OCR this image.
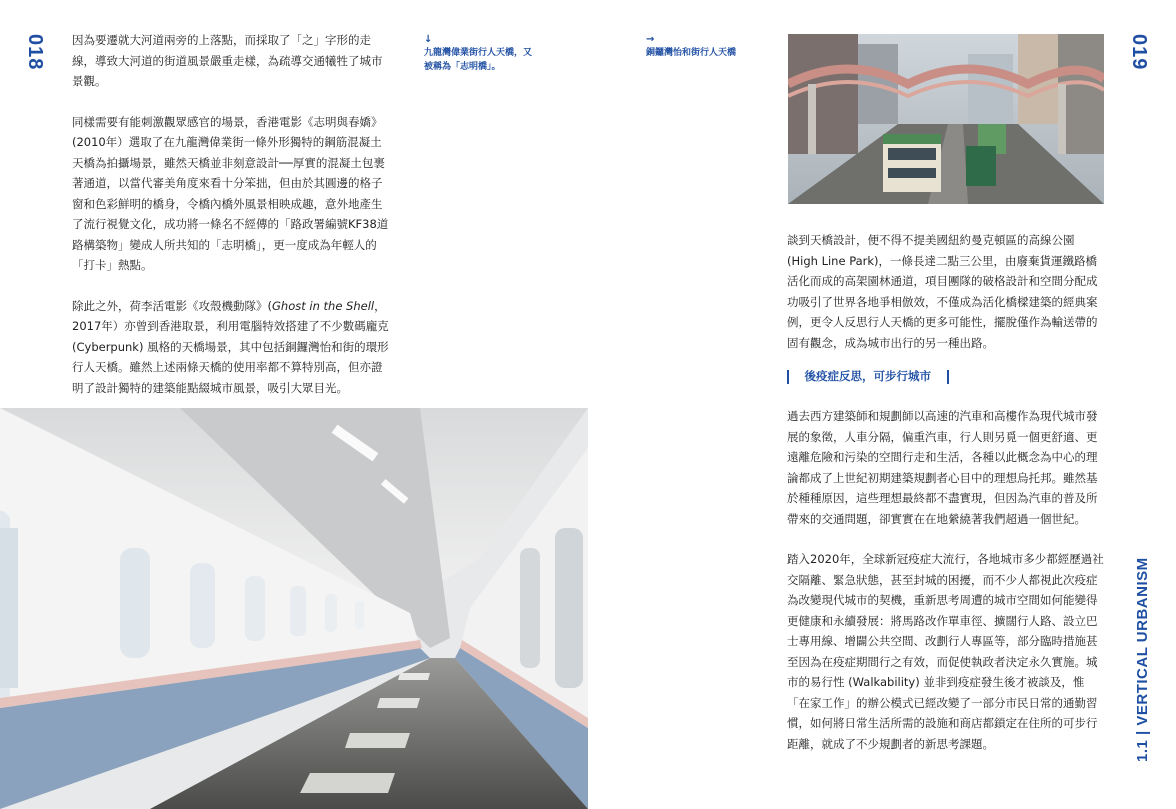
018	019

因為要遷就大河道兩旁的上落點，而採取了「之」字形的走線，導致大河道的街道風景嚴重走樣，為疏導交通犧牲了城市景觀。

同樣需要有能刺激觀眾感官的場景，香港電影《志明與春嬌》(2010年）選取了在九龍灣偉業街一條外形獨特的鋼筋混凝土天橋為拍攝場景，雖然天橋並非刻意設計──厚實的混凝土包裹著通道，以當代審美角度來看十分笨拙，但由於其圓邊的格子窗和色彩鮮明的橋身，令橋內橋外風景相映成趣，意外地產生了流行視覺文化，成功將一條名不經傳的「路政署編號KF38道路構築物」變成人所共知的「志明橋」，更一度成為年輕人的「打卡」熱點。

除此之外，荷李活電影《攻殼機動隊》(Ghost in the Shell，2017年）亦曾到香港取景，利用電腦特效搭建了不少數碼龐克 (Cyberpunk) 風格的天橋場景，其中包括銅鑼灣怡和街的環形行人天橋。雖然上述兩條天橋的使用率都不算特別高，但亦證明了設計獨特的建築能點綴城市風景，吸引大眾目光。

↓
九龍灣偉業街行人天橋，又被稱為「志明橋」。
→
銅鑼灣怡和街行人天橋

談到天橋設計，便不得不提美國紐約曼克頓區的高線公園 (High Line Park)，一條長達二點三公里，由廢棄貨運鐵路橋活化而成的高架園林通道，項目團隊的破格設計和空間分配成功吸引了世界各地爭相倣效，不僅成為活化橋樑建築的經典案例，更令人反思行人天橋的更多可能性，擺脫僅作為輸送帶的固有觀念，成為城市出行的另一種出路。

後疫症反思，可步行城市

過去西方建築師和規劃師以高速的汽車和高樓作為現代城市發展的象徵，人車分隔，偏重汽車，行人則另覓一個更舒適、更遠離危險和污染的空間行走和生活，各種以此概念為中心的理論都成了上世紀初期建築規劃者心目中的理想烏托邦。雖然基於種種原因，這些理想最終都不盡實現，但因為汽車的普及所帶來的交通問題，卻實實在在地縈繞著我們超過一個世紀。

踏入2020年，全球新冠疫症大流行，各地城市多少都經歷過社交隔離、緊急狀態，甚至封城的困擾，而不少人都視此次疫症為改變現代城市的契機，重新思考周遭的城市空間如何能變得更健康和永續發展：將馬路改作單車徑、擴闊行人路、設立巴士專用線、增闢公共空間、改劃行人專區等，部分臨時措施甚至因為在疫症期間行之有效，而促使執政者決定永久實施。城市的易行性 (Walkability) 並非到疫症發生後才被談及，惟「在家工作」的辦公模式已經改變了一部分市民日常的通勤習慣，如何將日常生活所需的設施和商店都鎖定在住所的可步行距離，就成了不少規劃者的新思考課題。	1.1 | VERTICAL URBANISM
